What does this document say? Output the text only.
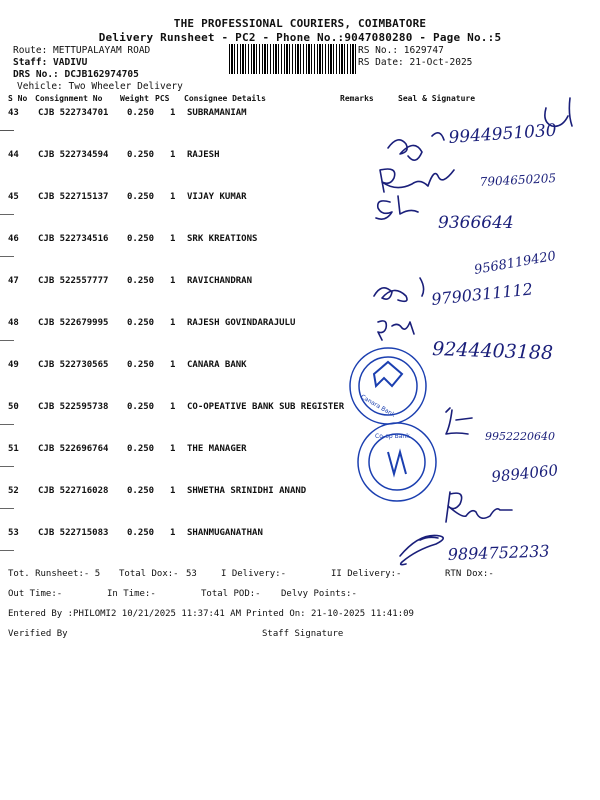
THE PROFESSIONAL COURIERS, COIMBATORE
Delivery Runsheet - PC2 - Phone No.:9047080280 - Page No.:5
Route: METTUPALAYAM ROAD
Staff: VADIVU
DRS No.: DCJB162974705
Vehicle: Two Wheeler Delivery
RS No.: 1629747
RS Date: 21-Oct-2025
S No Consignment No Weight PCS Consignee Details	Remarks	Seal & Signature
43 CJB 522734701 0.250 1 SUBRAMANIAM
44 CJB 522734594 0.250 1 RAJESH
45 CJB 522715137 0.250 1 VIJAY KUMAR
46 CJB 522734516 0.250 1 SRK KREATIONS
47 CJB 522557777 0.250 1 RAVICHANDRAN
48 CJB 522679995 0.250 1 RAJESH GOVINDARAJULU
49 CJB 522730565 0.250 1 CANARA BANK
50 CJB 522595738 0.250 1 CO-OPEATIVE BANK SUB REGISTER
51 CJB 522696764 0.250 1 THE MANAGER
52 CJB 522716028 0.250 1 SHWETHA SRINIDHI ANAND
53 CJB 522715083 0.250 1 SHANMUGANATHAN
9944951030
7904650205
9366644
9568119420
9790311112
9244403188
9952220640
9894060
9894752233
Canara Bank
Co-op Bank
Tot. Runsheet:- 5 Total Dox:- 53	I Delivery:-	II Delivery:-	RTN Dox:-
Out Time:-	In Time:-	Total POD:- Delvy Points:-
Entered By :PHILOMI2 10/21/2025 11:37:41 AM Printed On: 21-10-2025 11:41:09
Verified By	Staff Signature
